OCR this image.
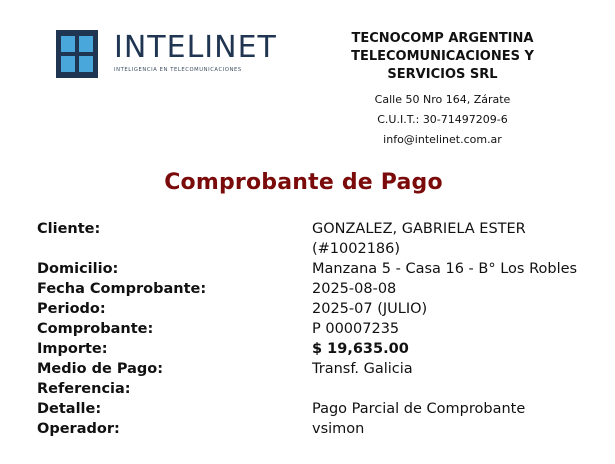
INTELINET
INTELIGENCIA EN TELECOMUNICACIONES
TECNOCOMP ARGENTINA TELECOMUNICACIONES Y SERVICIOS SRL
Calle 50 Nro 164, Zárate
C.U.I.T.: 30-71497209-6
info@intelinet.com.ar
Comprobante de Pago
Cliente:	GONZALEZ, GABRIELA ESTER (#1002186)
Domicilio:	Manzana 5 - Casa 16 - B° Los Robles
Fecha Comprobante:	2025-08-08
Periodo:	2025-07 (JULIO)
Comprobante:	P 00007235
Importe:	$ 19,635.00
Medio de Pago:	Transf. Galicia
Referencia:
Detalle:	Pago Parcial de Comprobante
Operador:	vsimon
